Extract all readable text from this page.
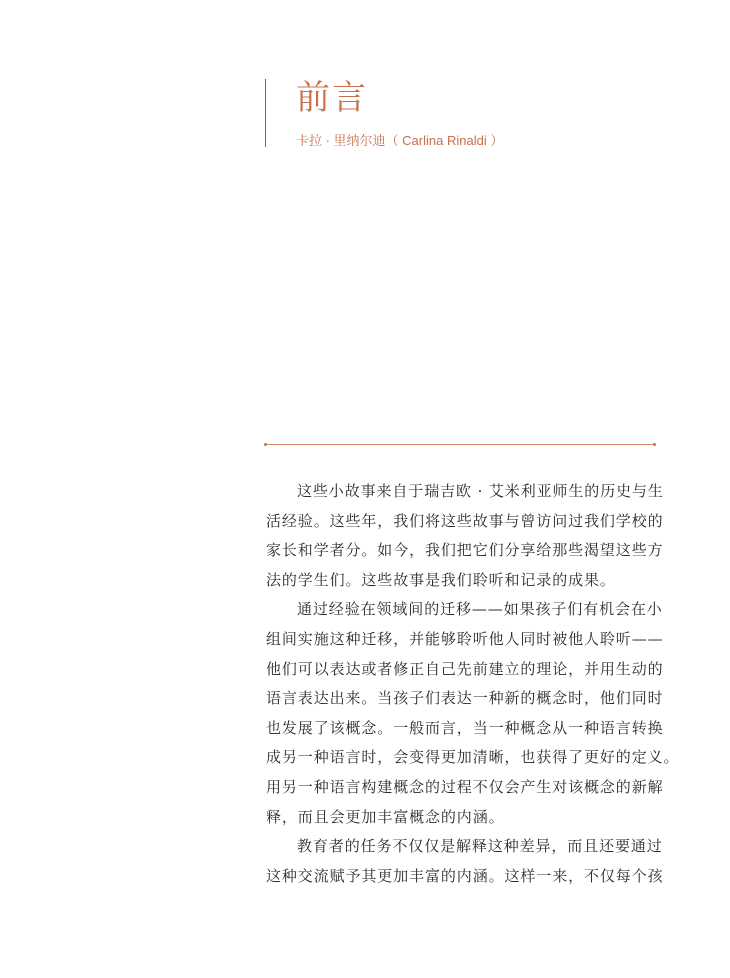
前言

卡拉 · 里纳尔迪（ Carlina Rinaldi ）

这些小故事来自于瑞吉欧 · 艾米利亚师生的历史与生
活经验。这些年，我们将这些故事与曾访问过我们学校的
家长和学者分。如今，我们把它们分享给那些渴望这些方
法的学生们。这些故事是我们聆听和记录的成果。
通过经验在领域间的迁移——如果孩子们有机会在小
组间实施这种迁移，并能够聆听他人同时被他人聆听——
他们可以表达或者修正自己先前建立的理论，并用生动的
语言表达出来。当孩子们表达一种新的概念时，他们同时
也发展了该概念。一般而言，当一种概念从一种语言转换
成另一种语言时，会变得更加清晰，也获得了更好的定义。
用另一种语言构建概念的过程不仅会产生对该概念的新解
释，而且会更加丰富概念的内涵。
教育者的任务不仅仅是解释这种差异，而且还要通过
这种交流赋予其更加丰富的内涵。这样一来，不仅每个孩
